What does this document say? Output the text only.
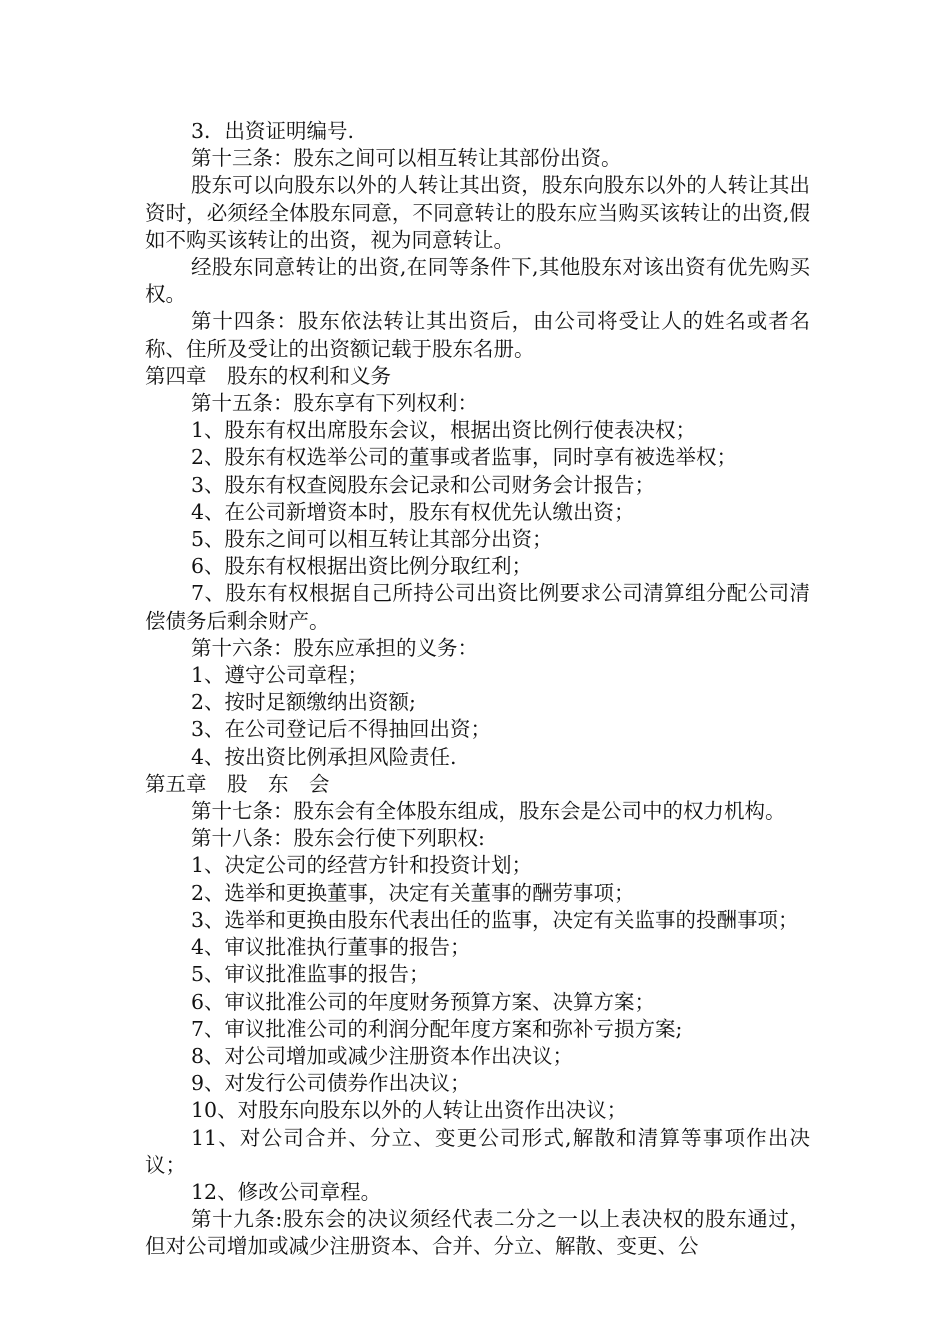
3．出资证明编号.

第十三条：股东之间可以相互转让其部份出资。

股东可以向股东以外的人转让其出资，股东向股东以外的人转让其出资时，必须经全体股东同意，不同意转让的股东应当购买该转让的出资,假如不购买该转让的出资，视为同意转让。

经股东同意转让的出资,在同等条件下,其他股东对该出资有优先购买权。

第十四条：股东依法转让其出资后，由公司将受让人的姓名或者名称、住所及受让的出资额记载于股东名册。

第四章　股东的权利和义务

第十五条：股东享有下列权利：

1、股东有权出席股东会议，根据出资比例行使表决权；

2、股东有权选举公司的董事或者监事，同时享有被选举权；

3、股东有权查阅股东会记录和公司财务会计报告；

4、在公司新增资本时，股东有权优先认缴出资；

5、股东之间可以相互转让其部分出资；

6、股东有权根据出资比例分取红利；

7、股东有权根据自己所持公司出资比例要求公司清算组分配公司清偿债务后剩余财产。

第十六条：股东应承担的义务：

1、遵守公司章程；

2、按时足额缴纳出资额;

3、在公司登记后不得抽回出资；

4、按出资比例承担风险责任.

第五章　股　东　会

第十七条：股东会有全体股东组成，股东会是公司中的权力机构。

第十八条：股东会行使下列职权:

1、决定公司的经营方针和投资计划；

2、选举和更换董事，决定有关董事的酬劳事项；

3、选举和更换由股东代表出任的监事，决定有关监事的投酬事项；

4、审议批准执行董事的报告；

5、审议批准监事的报告；

6、审议批准公司的年度财务预算方案、决算方案；

7、审议批准公司的利润分配年度方案和弥补亏损方案;

8、对公司增加或减少注册资本作出决议；

9、对发行公司债券作出决议；

10、对股东向股东以外的人转让出资作出决议；

11、对公司合并、分立、变更公司形式,解散和清算等事项作出决议；

12、修改公司章程。

第十九条:股东会的决议须经代表二分之一以上表决权的股东通过，但对公司增加或减少注册资本、合并、分立、解散、变更、公
